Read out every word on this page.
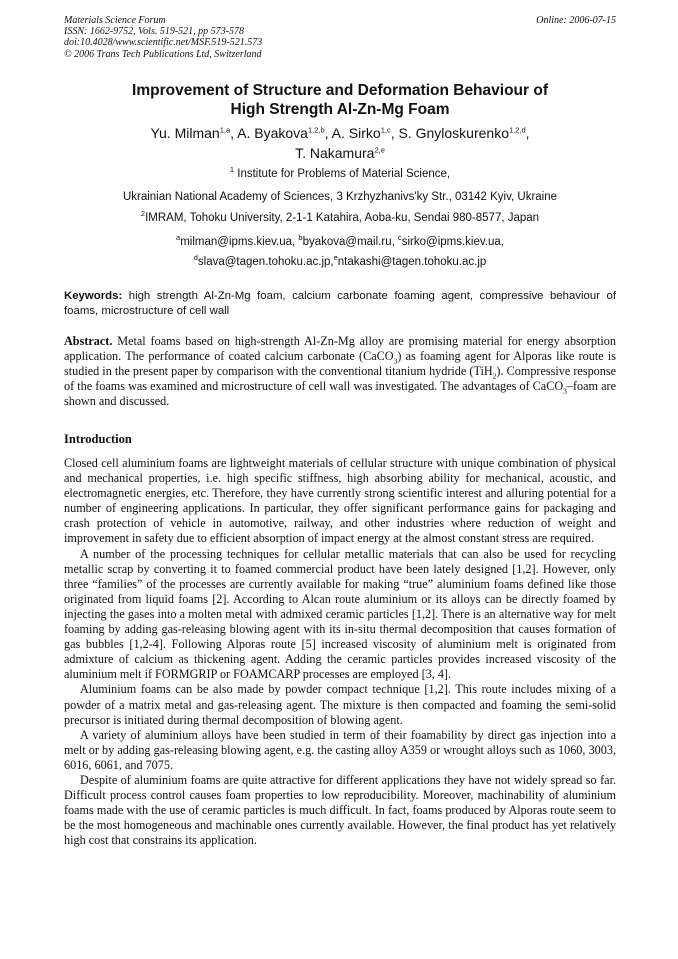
Materials Science Forum
ISSN: 1662-9752, Vols. 519-521, pp 573-578
doi:10.4028/www.scientific.net/MSF.519-521.573
© 2006 Trans Tech Publications Ltd, Switzerland
Online: 2006-07-15
Improvement of Structure and Deformation Behaviour of
High Strength Al-Zn-Mg Foam
Yu. Milman$^{1,a}$, A. Byakova$^{1,2,b}$, A. Sirko$^{1,c}$, S. Gnyloskurenko$^{1,2,d}$,
T. Nakamura$^{2,e}$
$^1$ Institute for Problems of Material Science,
Ukrainian National Academy of Sciences, 3 Krzhyzhanivs'ky Str., 03142 Kyiv, Ukraine
$^2$IMRAM, Tohoku University, 2-1-1 Katahira, Aoba-ku, Sendai 980-8577, Japan
$^a$milman@ipms.kiev.ua, $^b$byakova@mail.ru, $^c$sirko@ipms.kiev.ua,
$^d$slava@tagen.tohoku.ac.jp,$^e$ntakashi@tagen.tohoku.ac.jp
Keywords: high strength Al-Zn-Mg foam, calcium carbonate foaming agent, compressive behaviour of foams, microstructure of cell wall

Abstract. Metal foams based on high-strength Al-Zn-Mg alloy are promising material for energy absorption application. The performance of coated calcium carbonate (CaCO$_3$) as foaming agent for Alporas like route is studied in the present paper by comparison with the conventional titanium hydride (TiH$_2$). Compressive response of the foams was examined and microstructure of cell wall was investigated. The advantages of CaCO$_3$–foam are shown and discussed.

Introduction

Closed cell aluminium foams are lightweight materials of cellular structure with unique combination of physical and mechanical properties, i.e. high specific stiffness, high absorbing ability for mechanical, acoustic, and electromagnetic energies, etc. Therefore, they have currently strong scientific interest and alluring potential for a number of engineering applications. In particular, they offer significant performance gains for packaging and crash protection of vehicle in automotive, railway, and other industries where reduction of weight and improvement in safety due to efficient absorption of impact energy at the almost constant stress are required.

A number of the processing techniques for cellular metallic materials that can also be used for recycling metallic scrap by converting it to foamed commercial product have been lately designed [1,2]. However, only three “families” of the processes are currently available for making “true” aluminium foams defined like those originated from liquid foams [2]. According to Alcan route aluminium or its alloys can be directly foamed by injecting the gases into a molten metal with admixed ceramic particles [1,2]. There is an alternative way for melt foaming by adding gas-releasing blowing agent with its in-situ thermal decomposition that causes formation of gas bubbles [1,2-4]. Following Alporas route [5] increased viscosity of aluminium melt is originated from admixture of calcium as thickening agent. Adding the ceramic particles provides increased viscosity of the aluminium melt if FORMGRIP or FOAMCARP processes are employed [3, 4].

Aluminium foams can be also made by powder compact technique [1,2]. This route includes mixing of a powder of a matrix metal and gas-releasing agent. The mixture is then compacted and foaming the semi-solid precursor is initiated during thermal decomposition of blowing agent.

A variety of aluminium alloys have been studied in term of their foamability by direct gas injection into a melt or by adding gas-releasing blowing agent, e.g. the casting alloy A359 or wrought alloys such as 1060, 3003, 6016, 6061, and 7075.

Despite of aluminium foams are quite attractive for different applications they have not widely spread so far. Difficult process control causes foam properties to low reproducibility. Moreover, machinability of aluminium foams made with the use of ceramic particles is much difficult. In fact, foams produced by Alporas route seem to be the most homogeneous and machinable ones currently available. However, the final product has yet relatively high cost that constrains its application.
